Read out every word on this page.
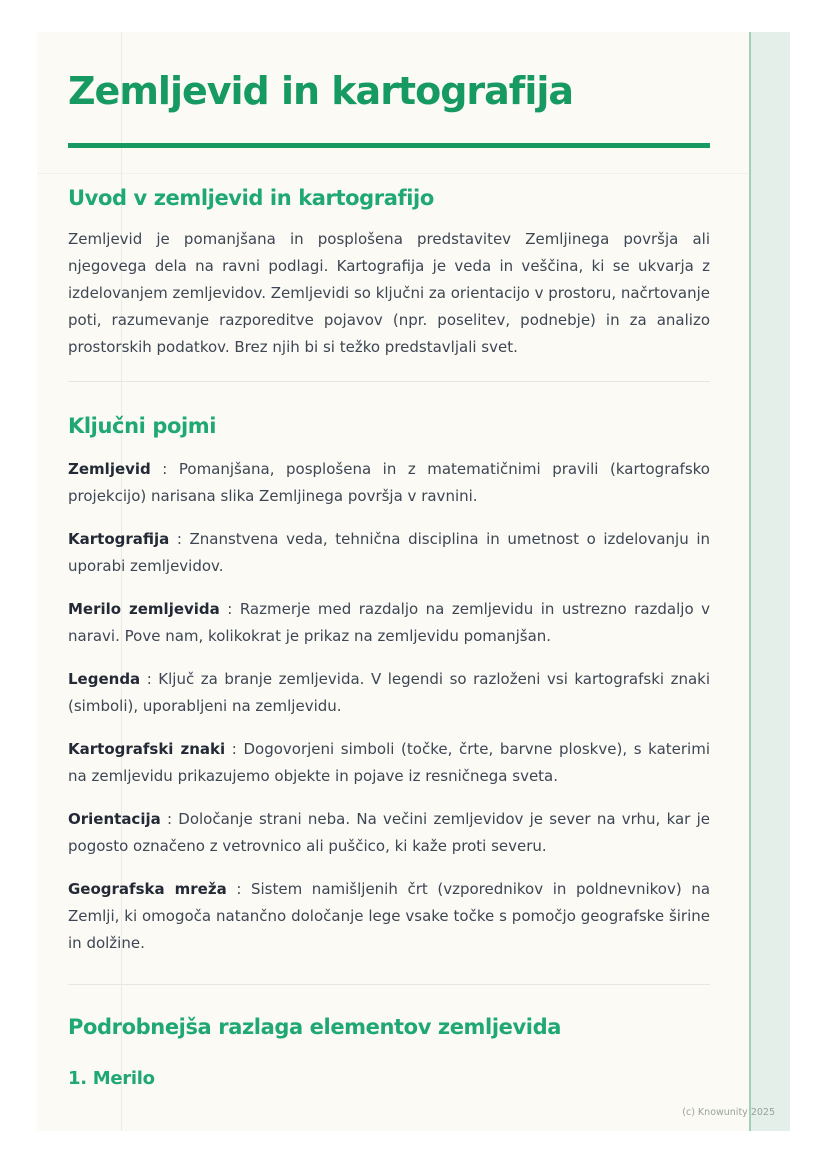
Zemljevid in kartografija
Uvod v zemljevid in kartografijo

Zemljevid je pomanjšana in posplošena predstavitev Zemljinega površja ali njegovega dela na ravni podlagi. Kartografija je veda in veščina, ki se ukvarja z izdelovanjem zemljevidov. Zemljevidi so ključni za orientacijo v prostoru, načrtovanje poti, razumevanje razporeditve pojavov (npr. poselitev, podnebje) in za analizo prostorskih podatkov. Brez njih bi si težko predstavljali svet.

Ključni pojmi

Zemljevid : Pomanjšana, posplošena in z matematičnimi pravili (kartografsko projekcijo) narisana slika Zemljinega površja v ravnini.

Kartografija : Znanstvena veda, tehnična disciplina in umetnost o izdelovanju in uporabi zemljevidov.

Merilo zemljevida : Razmerje med razdaljo na zemljevidu in ustrezno razdaljo v naravi. Pove nam, kolikokrat je prikaz na zemljevidu pomanjšan.

Legenda : Ključ za branje zemljevida. V legendi so razloženi vsi kartografski znaki (simboli), uporabljeni na zemljevidu.

Kartografski znaki : Dogovorjeni simboli (točke, črte, barvne ploskve), s katerimi na zemljevidu prikazujemo objekte in pojave iz resničnega sveta.

Orientacija : Določanje strani neba. Na večini zemljevidov je sever na vrhu, kar je pogosto označeno z vetrovnico ali puščico, ki kaže proti severu.

Geografska mreža : Sistem namišljenih črt (vzporednikov in poldnevnikov) na Zemlji, ki omogoča natančno določanje lege vsake točke s pomočjo geografske širine in dolžine.

Podrobnejša razlaga elementov zemljevida
1. Merilo
(c) Knowunity 2025
